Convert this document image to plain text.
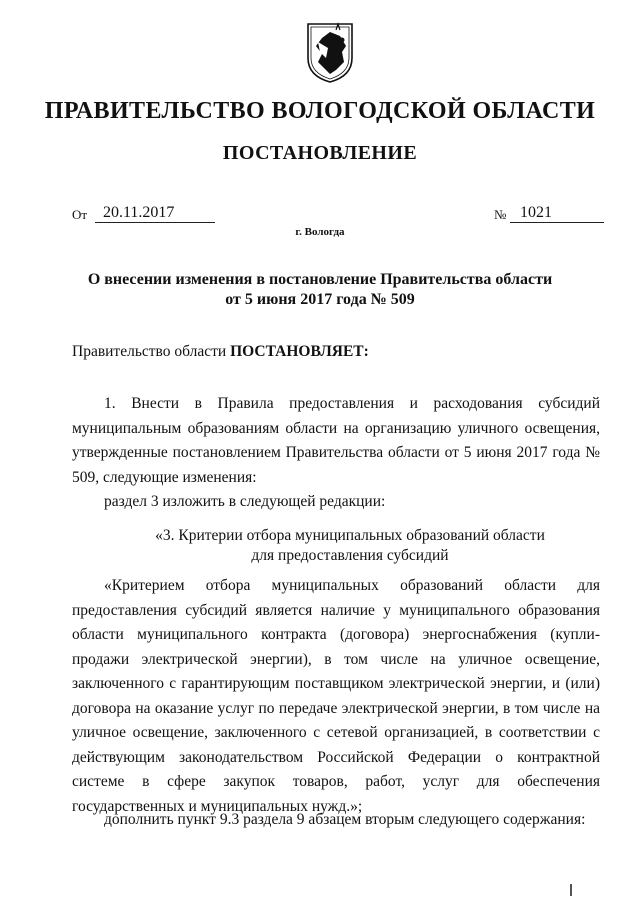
ПРАВИТЕЛЬСТВО ВОЛОГОДСКОЙ ОБЛАСТИ
ПОСТАНОВЛЕНИЕ
От 20.11.2017	№ 1021
г. Вологда
О внесении изменения в постановление Правительства области
от 5 июня 2017 года № 509
Правительство области ПОСТАНОВЛЯЕТ:
1. Внести в Правила предоставления и расходования субсидий муниципальным образованиям области на организацию уличного освещения, утвержденные постановлением Правительства области от 5 июня 2017 года № 509, следующие изменения:
раздел 3 изложить в следующей редакции:
«3. Критерии отбора муниципальных образований области
для предоставления субсидий
«Критерием отбора муниципальных образований области для предоставления субсидий является наличие у муниципального образования области муниципального контракта (договора) энергоснабжения (купли-продажи электрической энергии), в том числе на уличное освещение, заключенного с гарантирующим поставщиком электрической энергии, и (или) договора на оказание услуг по передаче электрической энергии, в том числе на уличное освещение, заключенного с сетевой организацией, в соответствии с действующим законодательством Российской Федерации о контрактной системе в сфере закупок товаров, работ, услуг для обеспечения государственных и муниципальных нужд.»;
дополнить пункт 9.3 раздела 9 абзацем вторым следующего содержания:
